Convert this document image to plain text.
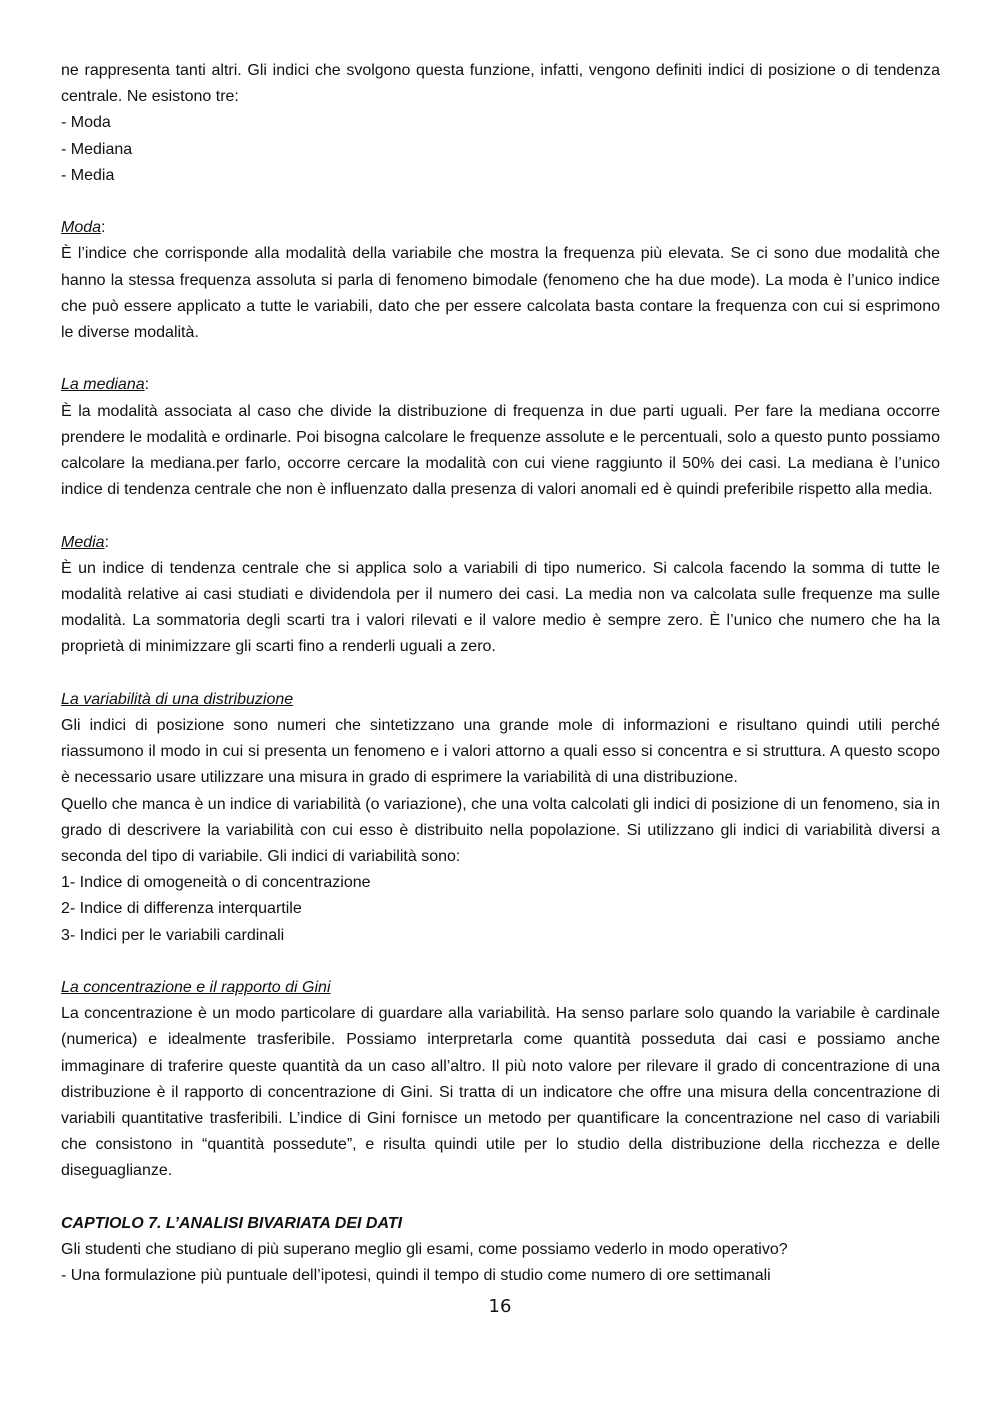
ne rappresenta tanti altri. Gli indici che svolgono questa funzione, infatti, vengono definiti indici di posizione o di tendenza centrale. Ne esistono tre:

- Moda
- Mediana
- Media
Moda:

È l’indice che corrisponde alla modalità della variabile che mostra la frequenza più elevata. Se ci sono due modalità che hanno la stessa frequenza assoluta si parla di fenomeno bimodale (fenomeno che ha due mode). La moda è l’unico indice che può essere applicato a tutte le variabili, dato che per essere calcolata basta contare la frequenza con cui si esprimono le diverse modalità.

La mediana:

È la modalità associata al caso che divide la distribuzione di frequenza in due parti uguali. Per fare la mediana occorre prendere le modalità e ordinarle. Poi bisogna calcolare le frequenze assolute e le percentuali, solo a questo punto possiamo calcolare la mediana.per farlo, occorre cercare la modalità con cui viene raggiunto il 50% dei casi. La mediana è l’unico indice di tendenza centrale che non è influenzato dalla presenza di valori anomali ed è quindi preferibile rispetto alla media.

Media:

È un indice di tendenza centrale che si applica solo a variabili di tipo numerico. Si calcola facendo la somma di tutte le modalità relative ai casi studiati e dividendola per il numero dei casi. La media non va calcolata sulle frequenze ma sulle modalità. La sommatoria degli scarti tra i valori rilevati e il valore medio è sempre zero. È l’unico che numero che ha la proprietà di minimizzare gli scarti fino a renderli uguali a zero.

La variabilità di una distribuzione

Gli indici di posizione sono numeri che sintetizzano una grande mole di informazioni e risultano quindi utili perché riassumono il modo in cui si presenta un fenomeno e i valori attorno a quali esso si concentra e si struttura. A questo scopo è necessario usare utilizzare una misura in grado di esprimere la variabilità di una distribuzione.

Quello che manca è un indice di variabilità (o variazione), che una volta calcolati gli indici di posizione di un fenomeno, sia in grado di descrivere la variabilità con cui esso è distribuito nella popolazione. Si utilizzano gli indici di variabilità diversi a seconda del tipo di variabile. Gli indici di variabilità sono:

1- Indice di omogeneità o di concentrazione
2- Indice di differenza interquartile
3- Indici per le variabili cardinali
La concentrazione e il rapporto di Gini

La concentrazione è un modo particolare di guardare alla variabilità. Ha senso parlare solo quando la variabile è cardinale (numerica) e idealmente trasferibile. Possiamo interpretarla come quantità posseduta dai casi e possiamo anche immaginare di traferire queste quantità da un caso all’altro. Il più noto valore per rilevare il grado di concentrazione di una distribuzione è il rapporto di concentrazione di Gini. Si tratta di un indicatore che offre una misura della concentrazione di variabili quantitative trasferibili. L’indice di Gini fornisce un metodo per quantificare la concentrazione nel caso di variabili che consistono in “quantità possedute”, e risulta quindi utile per lo studio della distribuzione della ricchezza e delle diseguaglianze.

CAPTIOLO 7. L’ANALISI BIVARIATA DEI DATI
Gli studenti che studiano di più superano meglio gli esami, come possiamo vederlo in modo operativo?
- Una formulazione più puntuale dell’ipotesi, quindi il tempo di studio come numero di ore settimanali
16
